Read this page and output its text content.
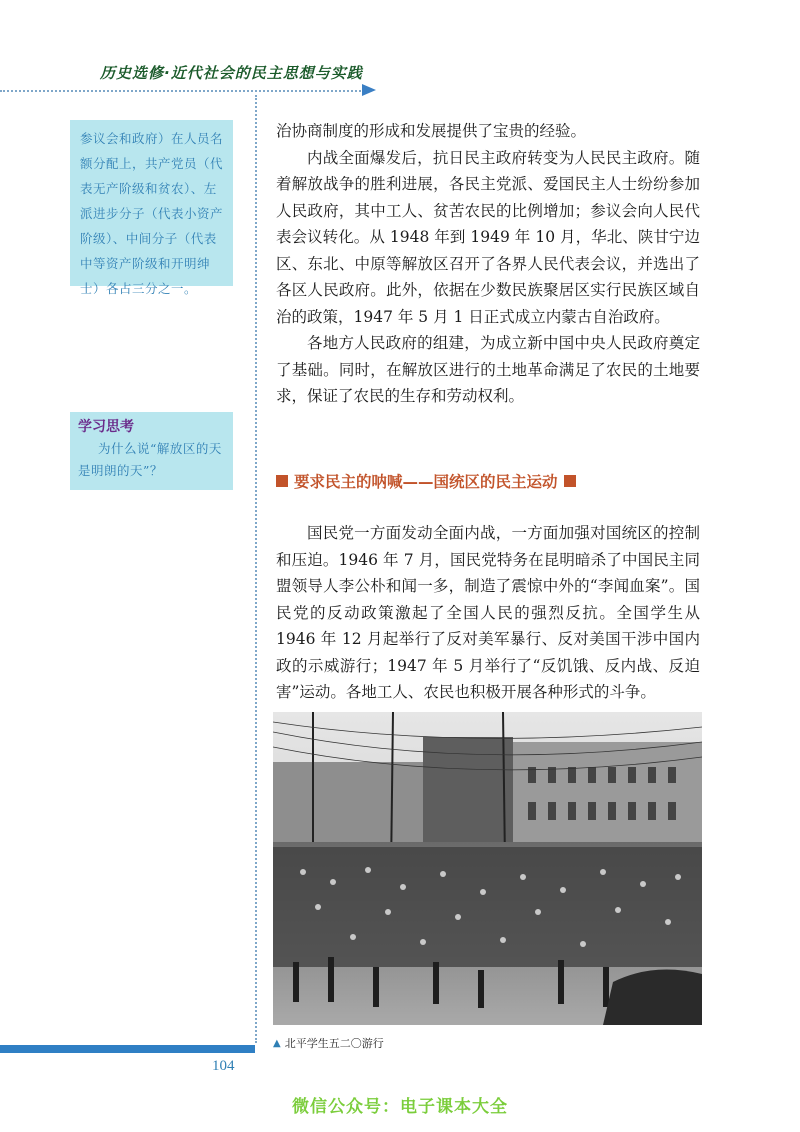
历史选修·近代社会的民主思想与实践
参议会和政府）在人员名额分配上，共产党员（代表无产阶级和贫农）、左派进步分子（代表小资产阶级）、中间分子（代表中等资产阶级和开明绅士）各占三分之一。
学习思考
为什么说“解放区的天是明朗的天”？

治协商制度的形成和发展提供了宝贵的经验。

内战全面爆发后，抗日民主政府转变为人民民主政府。随着解放战争的胜利进展，各民主党派、爱国民主人士纷纷参加人民政府，其中工人、贫苦农民的比例增加；参议会向人民代表会议转化。从 1948 年到 1949 年 10 月，华北、陕甘宁边区、东北、中原等解放区召开了各界人民代表会议，并选出了各区人民政府。此外，依据在少数民族聚居区实行民族区域自治的政策，1947 年 5 月 1 日正式成立内蒙古自治政府。

各地方人民政府的组建，为成立新中国中央人民政府奠定了基础。同时，在解放区进行的土地革命满足了农民的土地要求，保证了农民的生存和劳动权利。

要求民主的呐喊——国统区的民主运动

国民党一方面发动全面内战，一方面加强对国统区的控制和压迫。1946 年 7 月，国民党特务在昆明暗杀了中国民主同盟领导人李公朴和闻一多，制造了震惊中外的“李闻血案”。国民党的反动政策激起了全国人民的强烈反抗。全国学生从 1946 年 12 月起举行了反对美军暴行、反对美国干涉中国内政的示威游行；1947 年 5 月举行了“反饥饿、反内战、反迫害”运动。各地工人、农民也积极开展各种形式的斗争。

▲ 北平学生五二〇游行
104
微信公众号：电子课本大全
